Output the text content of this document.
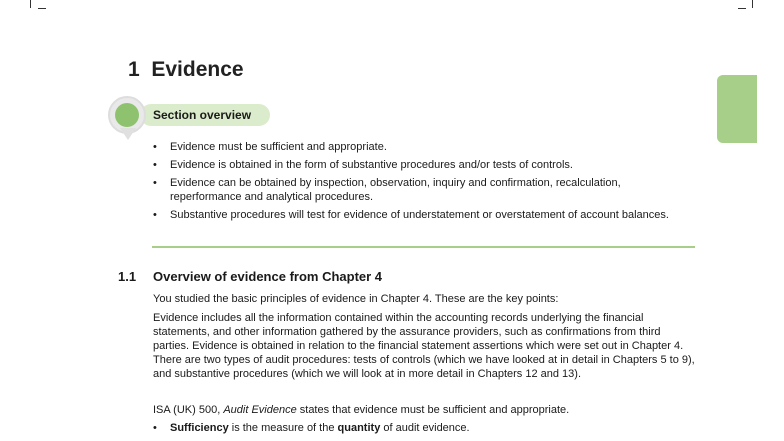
1 Evidence
Section overview
• Evidence must be sufficient and appropriate.
• Evidence is obtained in the form of substantive procedures and/or tests of controls.
• Evidence can be obtained by inspection, observation, inquiry and confirmation, recalculation, reperformance and analytical procedures.
• Substantive procedures will test for evidence of understatement or overstatement of account balances.
1.1 Overview of evidence from Chapter 4

You studied the basic principles of evidence in Chapter 4. These are the key points:

Evidence includes all the information contained within the accounting records underlying the financial statements, and other information gathered by the assurance providers, such as confirmations from third parties. Evidence is obtained in relation to the financial statement assertions which were set out in Chapter 4. There are two types of audit procedures: tests of controls (which we have looked at in detail in Chapters 5 to 9), and substantive procedures (which we will look at in more detail in Chapters 12 and 13).

ISA (UK) 500, Audit Evidence states that evidence must be sufficient and appropriate.

• Sufficiency is the measure of the quantity of audit evidence.
